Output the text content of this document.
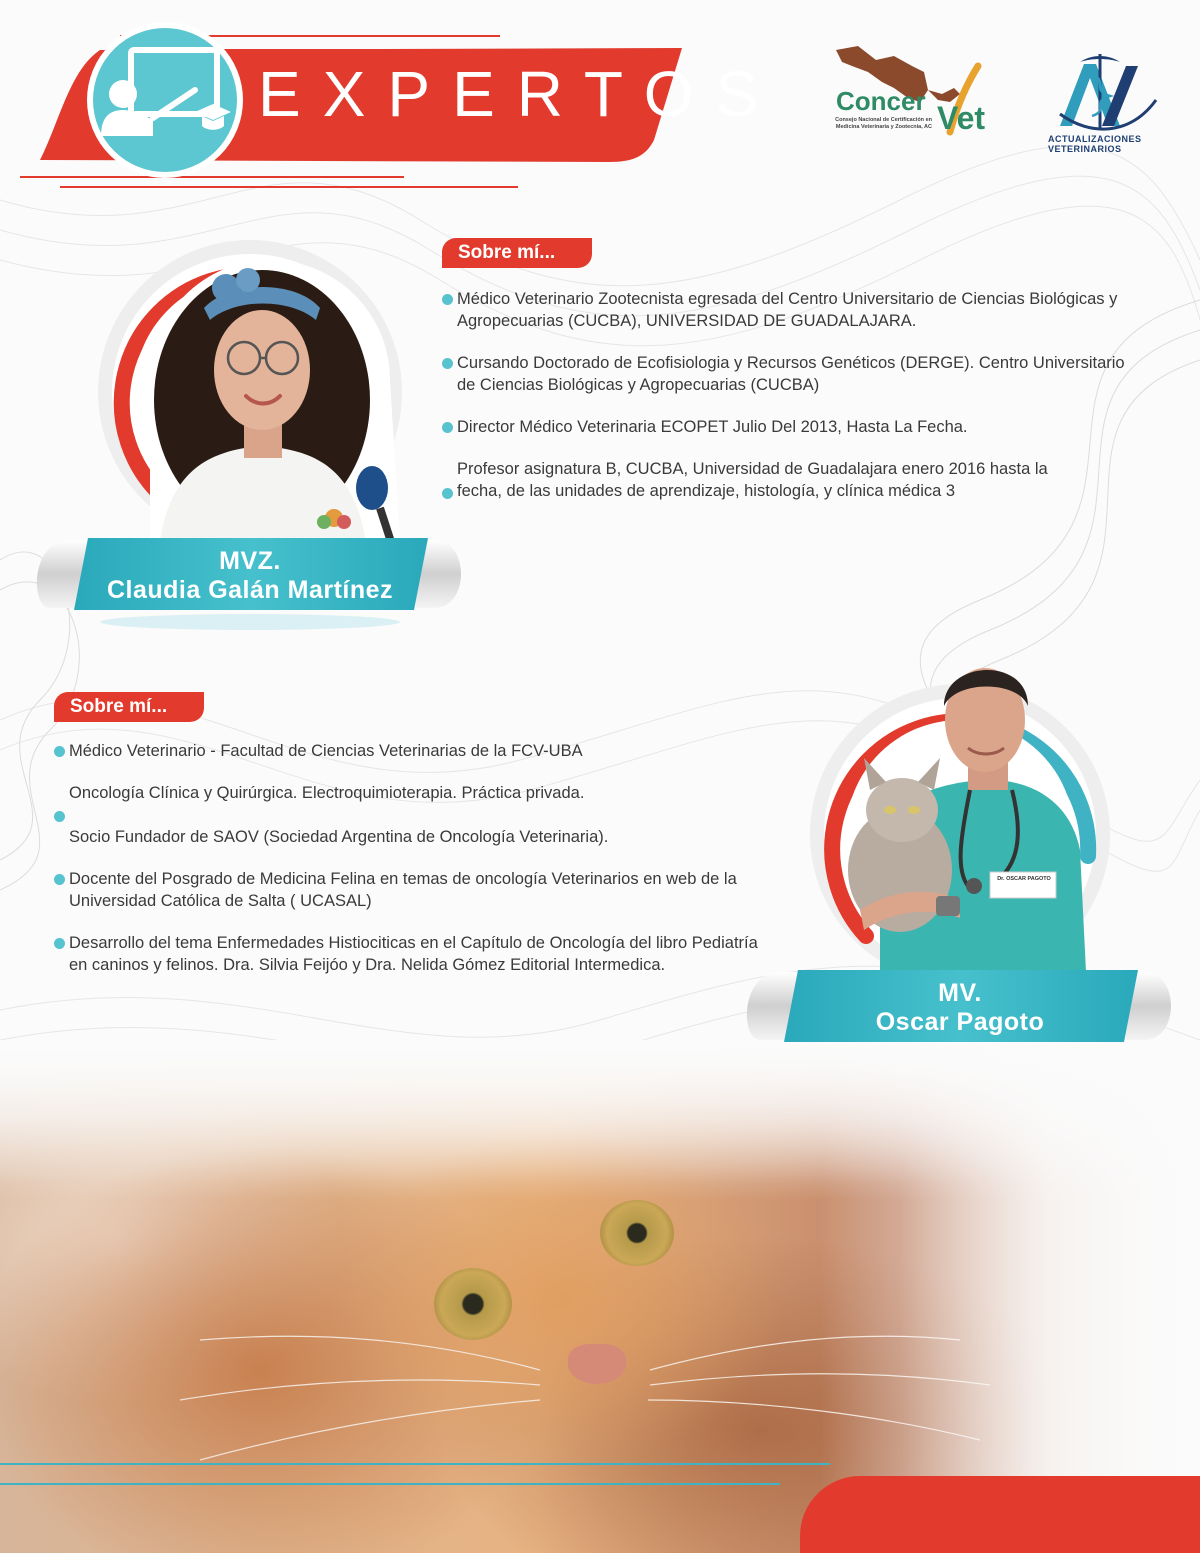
EXPERTOS Concer Vet
Consejo Nacional de Certificación en Medicina Veterinaria y Zootecnia, AC
ACTUALIZACIONES VETERINARIOS
MVZ.
Claudia Galán Martínez
Sobre mí...
Médico Veterinario Zootecnista egresada del Centro Universitario de Ciencias Biológicas y Agropecuarias (CUCBA), UNIVERSIDAD DE GUADALAJARA.
Cursando Doctorado de Ecofisiologia y Recursos Genéticos (DERGE). Centro Universitario de Ciencias Biológicas y Agropecuarias (CUCBA)
Director Médico Veterinaria ECOPET Julio Del 2013, Hasta La Fecha.
Profesor asignatura B, CUCBA, Universidad de Guadalajara enero 2016 hasta la fecha, de las unidades de aprendizaje, histología, y clínica médica 3
Sobre mí...
Médico Veterinario - Facultad de Ciencias Veterinarias de la FCV-UBA
Oncología Clínica y Quirúrgica. Electroquimioterapia. Práctica privada.
Socio Fundador de SAOV (Sociedad Argentina de Oncología Veterinaria).
Docente del Posgrado de Medicina Felina en temas de oncología Veterinarios en web de la Universidad Católica de Salta ( UCASAL)
Desarrollo del tema Enfermedades Histiociticas en el Capítulo de Oncología del libro Pediatría en caninos y felinos. Dra. Silvia Feijóo y Dra. Nelida Gómez Editorial Intermedica.
Dr. OSCAR PAGOTO
MV.
Oscar Pagoto
